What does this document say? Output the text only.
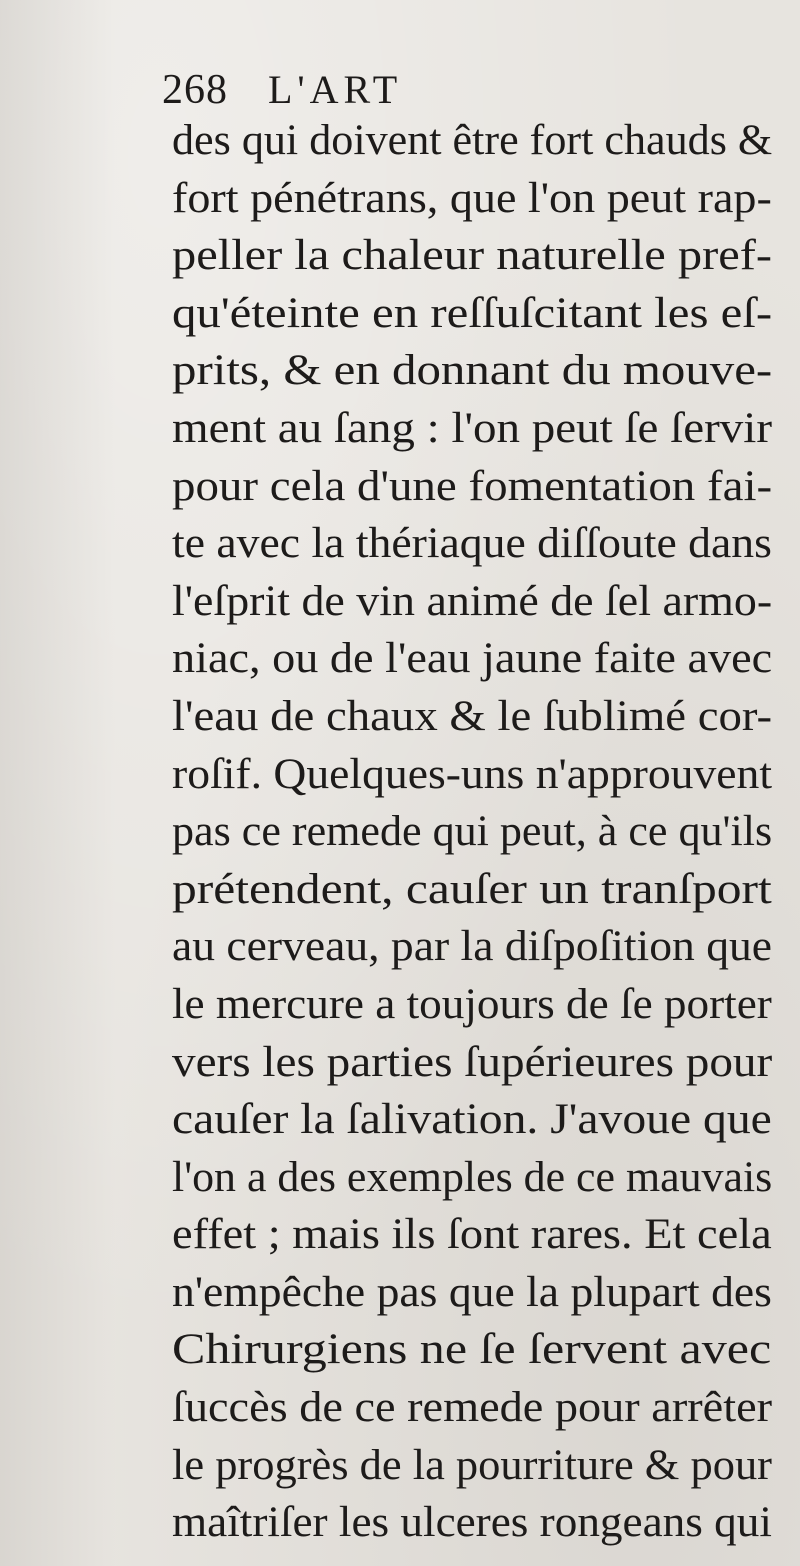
268 L'ART
des qui doivent être fort chauds &
fort pénétrans, que l'on peut rap-
peller la chaleur naturelle pref-
qu'éteinte en reſſuſcitant les eſ-
prits, & en donnant du mouve-
ment au ſang : l'on peut ſe ſervir
pour cela d'une fomentation fai-
te avec la thériaque diſſoute dans
l'eſprit de vin animé de ſel armo-
niac, ou de l'eau jaune faite avec
l'eau de chaux & le ſublimé cor-
roſif. Quelques-uns n'approuvent
pas ce remede qui peut, à ce qu'ils
prétendent, cauſer un tranſport
au cerveau, par la diſpoſition que
le mercure a toujours de ſe porter
vers les parties ſupérieures pour
cauſer la ſalivation. J'avoue que
l'on a des exemples de ce mauvais
effet ; mais ils ſont rares. Et cela
n'empêche pas que la plupart des
Chirurgiens ne ſe ſervent avec
ſuccès de ce remede pour arrêter
le progrès de la pourriture & pour
maîtriſer les ulceres rongeans qui
